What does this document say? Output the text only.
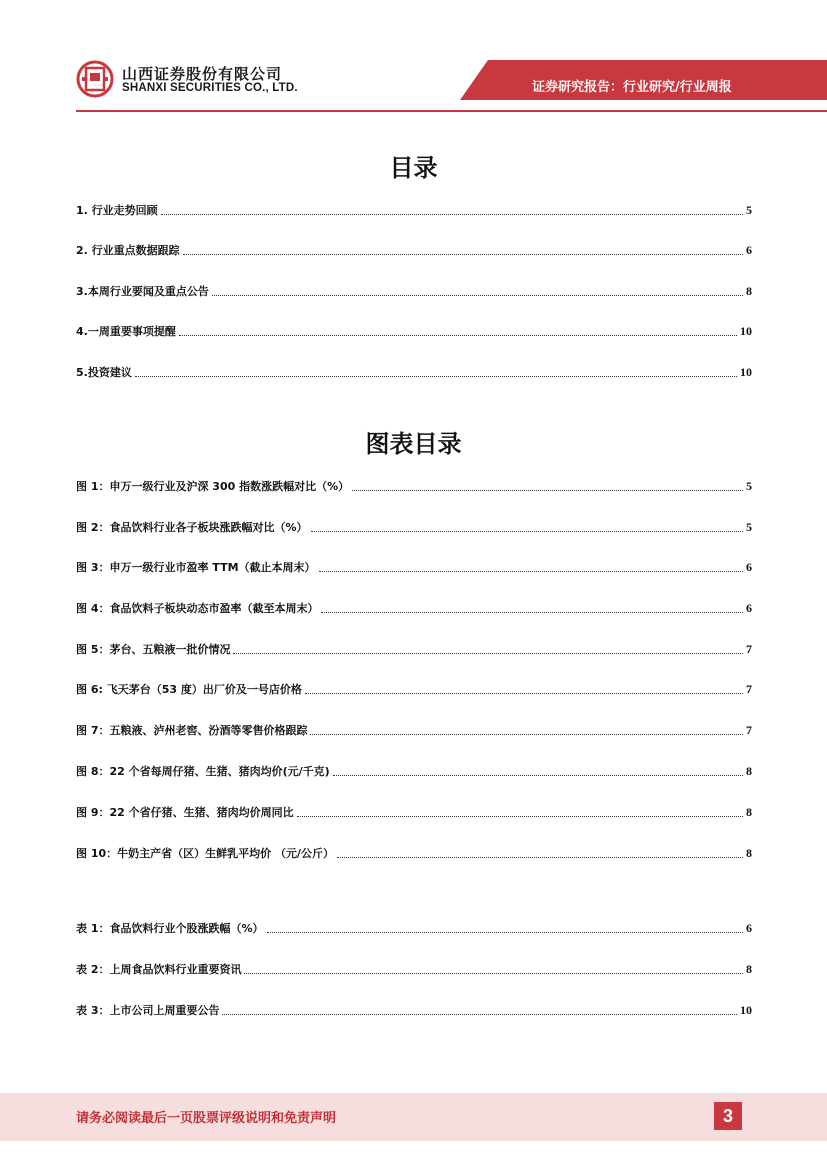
山西证券股份有限公司
SHANXI SECURITIES CO., LTD.	证券研究报告：行业研究/行业周报
目录
1. 行业走势回顾	5
2. 行业重点数据跟踪	6
3.本周行业要闻及重点公告	8
4.一周重要事项提醒	10
5.投资建议	10
图表目录
图 1：申万一级行业及沪深 300 指数涨跌幅对比（%）	5
图 2：食品饮料行业各子板块涨跌幅对比（%）	5
图 3：申万一级行业市盈率 TTM（截止本周末）	6
图 4：食品饮料子板块动态市盈率（截至本周末）	6
图 5：茅台、五粮液一批价情况	7
图 6: 飞天茅台（53 度）出厂价及一号店价格	7
图 7：五粮液、泸州老窖、汾酒等零售价格跟踪	7
图 8：22 个省每周仔猪、生猪、猪肉均价(元/千克)	8
图 9：22 个省仔猪、生猪、猪肉均价周同比	8
图 10：牛奶主产省（区）生鲜乳平均价 （元/公斤）	8
表 1：食品饮料行业个股涨跌幅（%）	6
表 2：上周食品饮料行业重要资讯	8
表 3：上市公司上周重要公告	10
请务必阅读最后一页股票评级说明和免责声明	3
